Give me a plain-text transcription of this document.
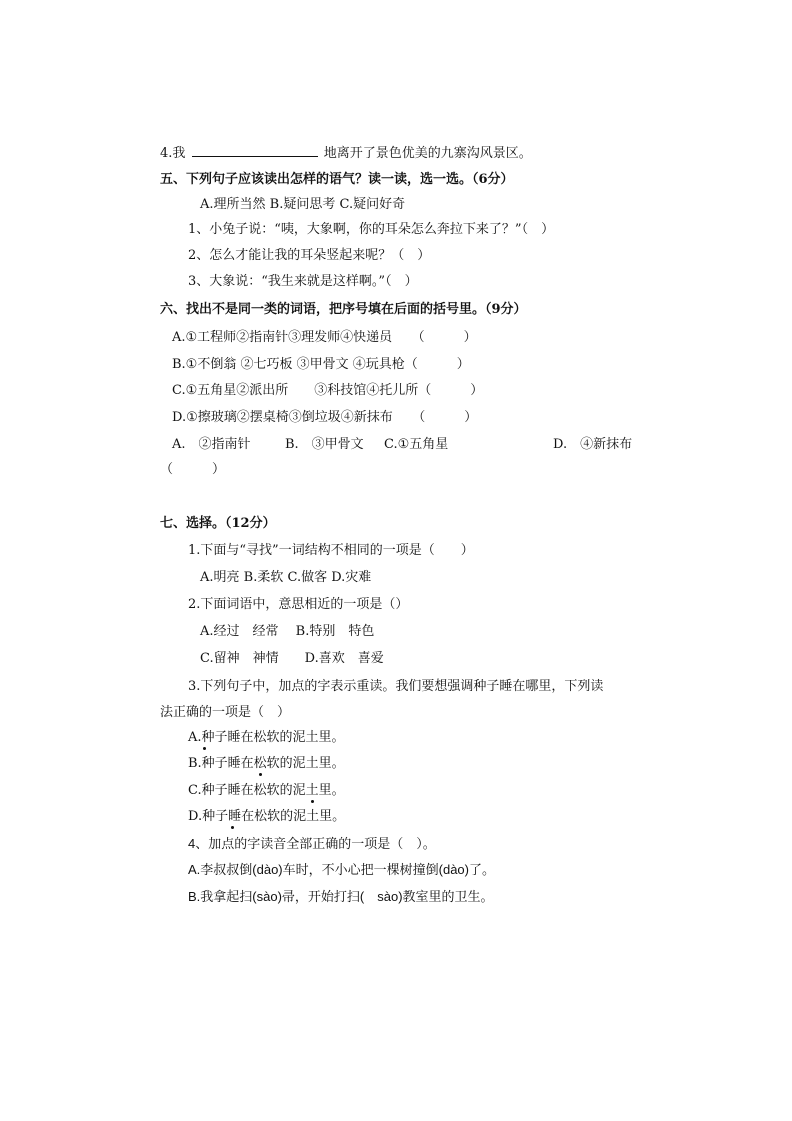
4.我	地离开了景色优美的九寨沟风景区。
五、下列句子应该读出怎样的语气？读一读，选一选。（6分）
A.理所当然 B.疑问思考 C.疑问好奇
1、小兔子说：“咦，大象啊，你的耳朵怎么奔拉下来了？”（　）
2、怎么才能让我的耳朵竖起来呢？（　）
3、大象说：“我生来就是这样啊。”（　）
六、找出不是同一类的词语，把序号填在后面的括号里。（9分）
A.①工程师②指南针③理发师④快递员　　（　　　）
B.①不倒翁 ②七巧板 ③甲骨文 ④玩具枪（　　　）
C.①五角星②派出所　　③科技馆④托儿所（　　　）
D.①擦玻璃②摆桌椅③倒垃圾④新抹布　　（　　　）
A.　②指南针	B.　③甲骨文 C.①五角星	D.　④新抹布
（　　　）
七、选择。（12分）
1.下面与“寻找”一词结构不相同的一项是（　　）
A.明亮 B.柔软 C.做客 D.灾难
2.下面词语中，意思相近的一项是（）
A.经过　经常　 B.特别　特色
C.留神　神情　　D.喜欢　喜爱
3.下列句子中，加点的字表示重读。我们要想强调种子睡在哪里，下列读
法正确的一项是（　）
A.种子睡在松软的泥土里。
B.种子睡在松软的泥土里。
C.种子睡在松软的泥土里。
D.种子睡在松软的泥土里。
4、加点的字读音全部正确的一项是（　）。
A.李叔叔倒(dào)车时，不小心把一棵树撞倒(dào)了。
B.我拿起扫(sào)帚，开始打扫(　sào)教室里的卫生。
